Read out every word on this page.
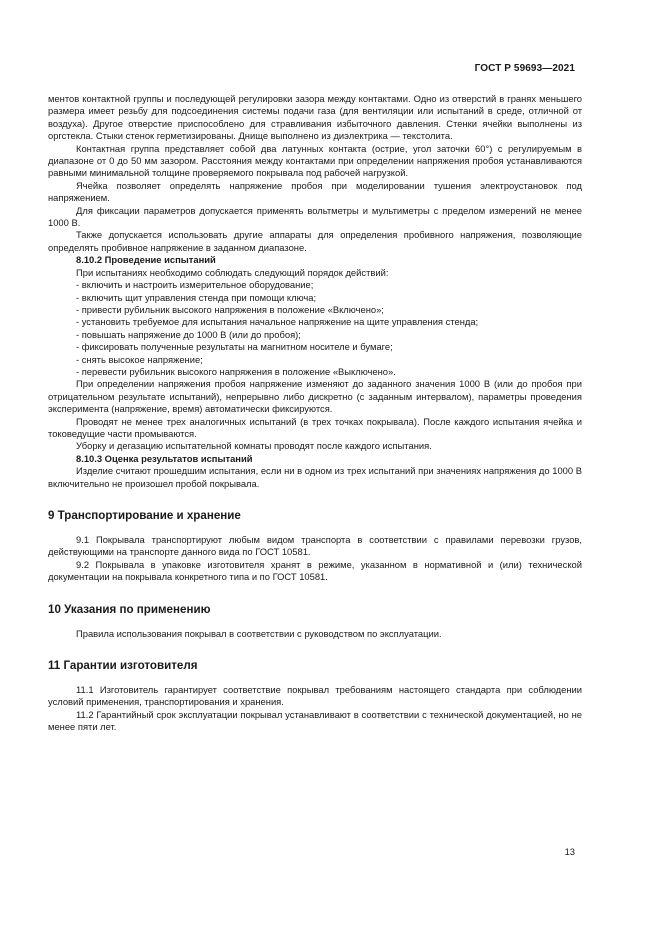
ГОСТ Р 59693—2021

ментов контактной группы и последующей регулировки зазора между контактами. Одно из отверстий в гранях меньшего размера имеет резьбу для подсоединения системы подачи газа (для вентиляции или испытаний в среде, отличной от воздуха). Другое отверстие приспособлено для стравливания избыточного давления. Стенки ячейки выполнены из оргстекла. Стыки стенок герметизированы. Днище выполнено из диэлектрика — текстолита.

Контактная группа представляет собой два латунных контакта (острие, угол заточки 60°) с регулируемым в диапазоне от 0 до 50 мм зазором. Расстояния между контактами при определении напряжения пробоя устанавливаются равными минимальной толщине проверяемого покрывала под рабочей нагрузкой.

Ячейка позволяет определять напряжение пробоя при моделировании тушения электроустановок под напряжением.

Для фиксации параметров допускается применять вольтметры и мультиметры с пределом измерений не менее 1000 В.

Также допускается использовать другие аппараты для определения пробивного напряжения, позволяющие определять пробивное напряжение в заданном диапазоне.

8.10.2 Проведение испытаний

При испытаниях необходимо соблюдать следующий порядок действий:

- включить и настроить измерительное оборудование;

- включить щит управления стенда при помощи ключа;

- привести рубильник высокого напряжения в положение «Включено»;

- установить требуемое для испытания начальное напряжение на щите управления стенда;

- повышать напряжение до 1000 В (или до пробоя);

- фиксировать полученные результаты на магнитном носителе и бумаге;

- снять высокое напряжение;

- перевести рубильник высокого напряжения в положение «Выключено».

При определении напряжения пробоя напряжение изменяют до заданного значения 1000 В (или до пробоя при отрицательном результате испытаний), непрерывно либо дискретно (с заданным интервалом), параметры проведения эксперимента (напряжение, время) автоматически фиксируются.

Проводят не менее трех аналогичных испытаний (в трех точках покрывала). После каждого испытания ячейка и токоведущие части промываются.

Уборку и дегазацию испытательной комнаты проводят после каждого испытания.

8.10.3 Оценка результатов испытаний

Изделие считают прошедшим испытания, если ни в одном из трех испытаний при значениях напряжения до 1000 В включительно не произошел пробой покрывала.

9 Транспортирование и хранение

9.1 Покрывала транспортируют любым видом транспорта в соответствии с правилами перевозки грузов, действующими на транспорте данного вида по ГОСТ 10581.

9.2 Покрывала в упаковке изготовителя хранят в режиме, указанном в нормативной и (или) технической документации на покрывала конкретного типа и по ГОСТ 10581.

10 Указания по применению

Правила использования покрывал в соответствии с руководством по эксплуатации.

11 Гарантии изготовителя

11.1 Изготовитель гарантирует соответствие покрывал требованиям настоящего стандарта при соблюдении условий применения, транспортирования и хранения.

11.2 Гарантийный срок эксплуатации покрывал устанавливают в соответствии с технической документацией, но не менее пяти лет.

13
